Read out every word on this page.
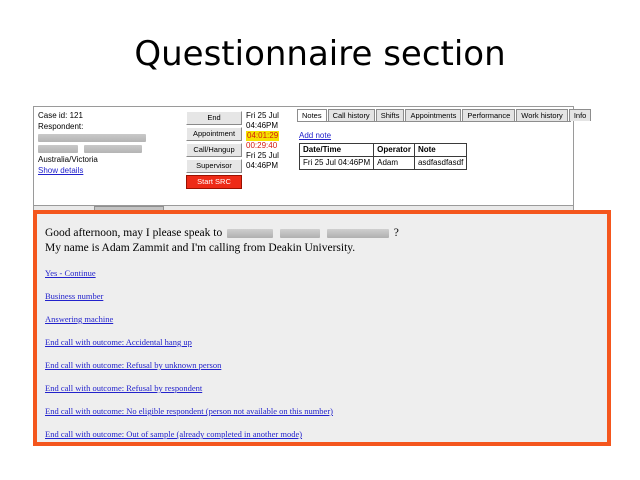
Questionnaire section
Case id: 121
Respondent:

Australia/Victoria
Show details
End
Appointment
Call/Hangup
Supervisor
Start SRC
Fri 25 Jul
04:46PM
04:01:29
00:29:40
Fri 25 Jul
04:46PM
Notes	Call history	Shifts	Appointments	Performance	Work history	Info
Add note
Date/Time	Operator	Note
Fri 25 Jul 04:46PM	Adam	asdfasdfasdf
Good afternoon, may I please speak to	?
My name is Adam Zammit and I'm calling from Deakin University.
Yes - Continue
Business number
Answering machine
End call with outcome: Accidental hang up
End call with outcome: Refusal by unknown person
End call with outcome: Refusal by respondent
End call with outcome: No eligible respondent (person not available on this number)
End call with outcome: Out of sample (already completed in another mode)
